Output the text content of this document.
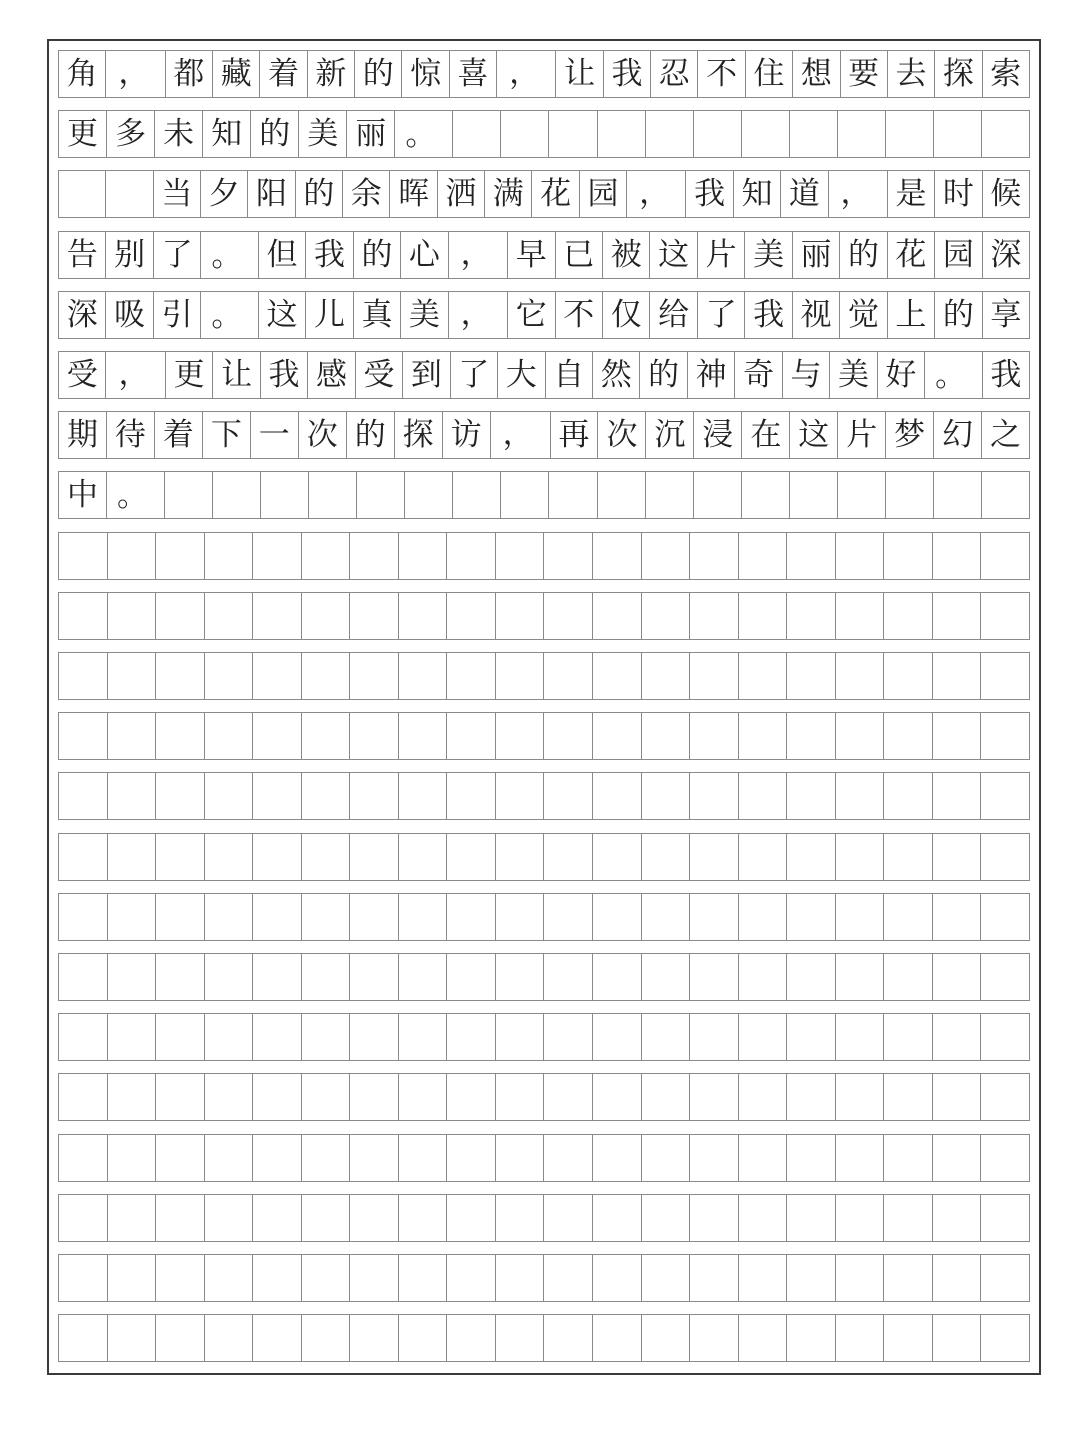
角 ， 都 藏 着 新 的 惊 喜 ， 让 我 忍 不 住 想 要 去 探 索
更 多 未 知 的 美 丽 。
当 夕 阳 的 余 晖 洒 满 花 园 ， 我 知 道 ， 是 时 候
告 别 了 。 但 我 的 心 ， 早 已 被 这 片 美 丽 的 花 园 深
深 吸 引 。 这 儿 真 美 ， 它 不 仅 给 了 我 视 觉 上 的 享
受 ， 更 让 我 感 受 到 了 大 自 然 的 神 奇 与 美 好 。 我
期 待 着 下 一 次 的 探 访 ， 再 次 沉 浸 在 这 片 梦 幻 之
中 。
